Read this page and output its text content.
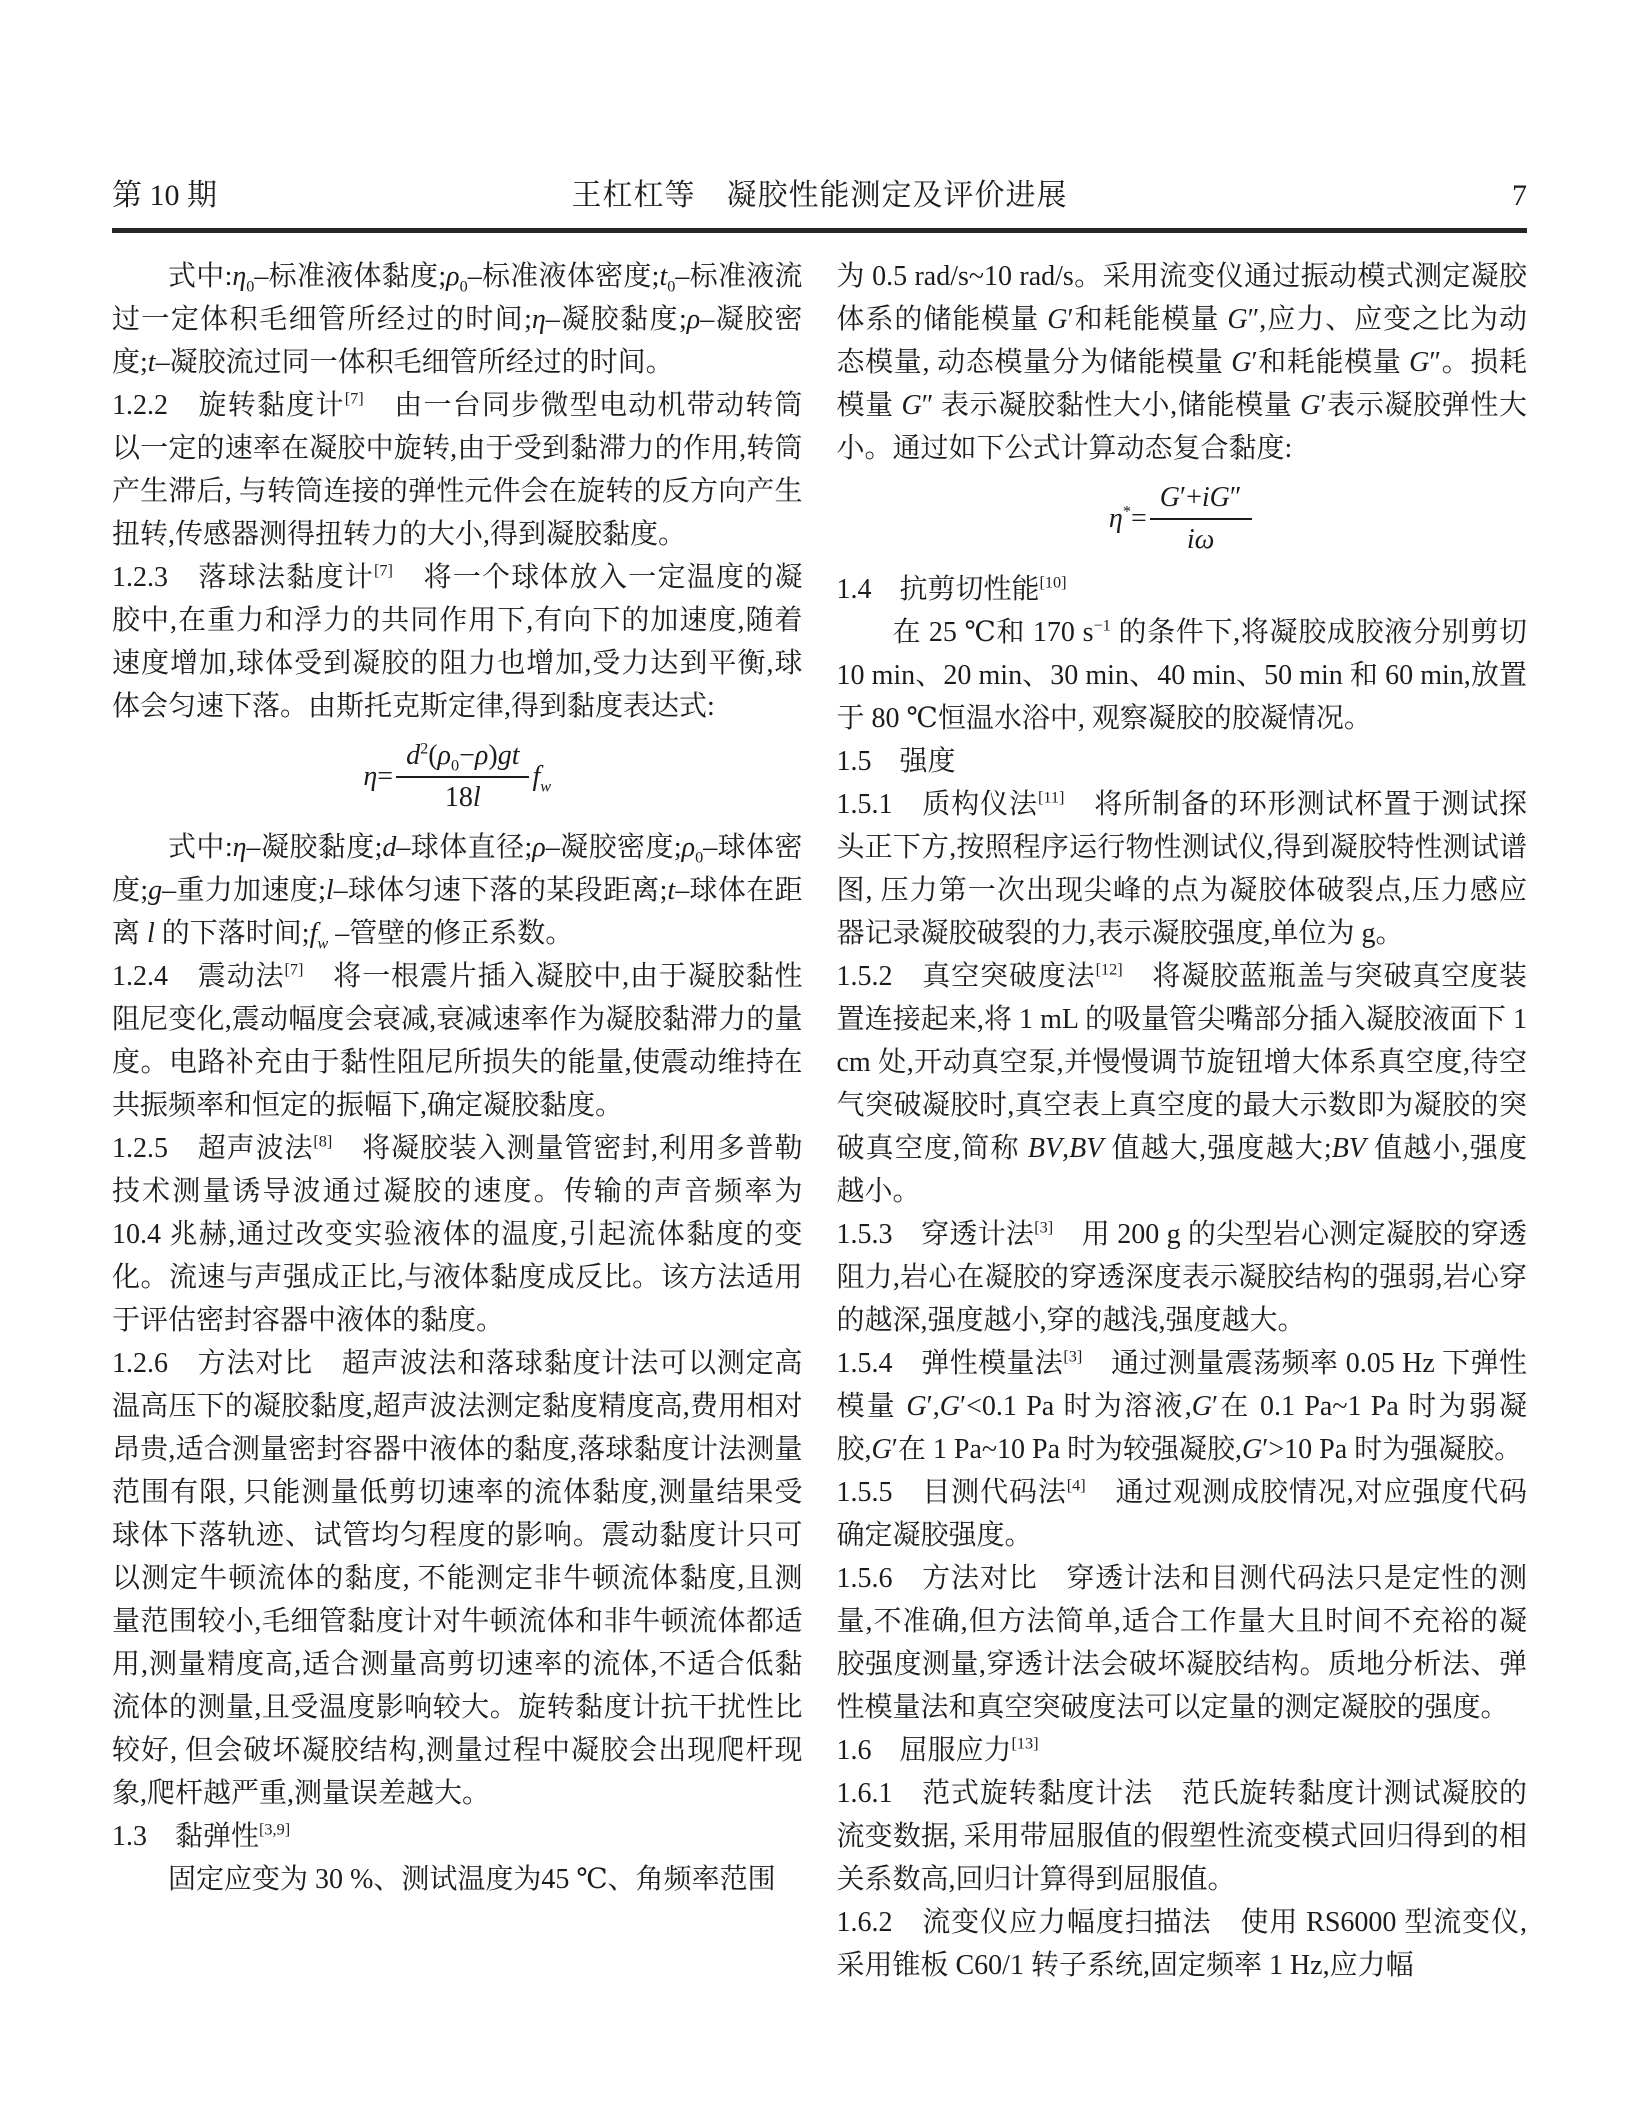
第 10 期	王杠杠等　凝胶性能测定及评价进展	7

式中$:\eta_0-$标准液体黏度$;\rho_0-$标准液体密度$;t_0-$标准液流过一定体积毛细管所经过的时间;η–凝胶黏度;ρ–凝胶密度;t–凝胶流过同一体积毛细管所经过的时间。

1.2.2　旋转黏度计[7]　由一台同步微型电动机带动转筒以一定的速率在凝胶中旋转,由于受到黏滞力的作用,转筒产生滞后, 与转筒连接的弹性元件会在旋转的反方向产生扭转,传感器测得扭转力的大小,得到凝胶黏度。

1.2.3　落球法黏度计[7]　将一个球体放入一定温度的凝胶中,在重力和浮力的共同作用下,有向下的加速度,随着速度增加,球体受到凝胶的阻力也增加,受力达到平衡,球体会匀速下落。由斯托克斯定律,得到黏度表达式:

$\eta= \frac{d^2(\rho_0-\rho)gt}{18l} f_w$

式中:η–凝胶黏度;d–球体直径;ρ–凝胶密度$;\rho_0-$球体密度;g–重力加速度;l–球体匀速下落的某段距离;t–球体在距离 l 的下落时间$;f_w$ –管壁的修正系数。

1.2.4　震动法[7]　将一根震片插入凝胶中,由于凝胶黏性阻尼变化,震动幅度会衰减,衰减速率作为凝胶黏滞力的量度。电路补充由于黏性阻尼所损失的能量,使震动维持在共振频率和恒定的振幅下,确定凝胶黏度。

1.2.5　超声波法[8]　将凝胶装入测量管密封,利用多普勒技术测量诱导波通过凝胶的速度。传输的声音频率为 10.4 兆赫,通过改变实验液体的温度,引起流体黏度的变化。流速与声强成正比,与液体黏度成反比。该方法适用于评估密封容器中液体的黏度。

1.2.6　方法对比　超声波法和落球黏度计法可以测定高温高压下的凝胶黏度,超声波法测定黏度精度高,费用相对昂贵,适合测量密封容器中液体的黏度,落球黏度计法测量范围有限, 只能测量低剪切速率的流体黏度,测量结果受球体下落轨迹、试管均匀程度的影响。震动黏度计只可以测定牛顿流体的黏度, 不能测定非牛顿流体黏度,且测量范围较小,毛细管黏度计对牛顿流体和非牛顿流体都适用,测量精度高,适合测量高剪切速率的流体,不适合低黏流体的测量,且受温度影响较大。旋转黏度计抗干扰性比较好, 但会破坏凝胶结构,测量过程中凝胶会出现爬杆现象,爬杆越严重,测量误差越大。

1.3　黏弹性[3,9]

固定应变为 30 %、测试温度为45 ℃、角频率范围

为 0.5 rad/s~10 rad/s。采用流变仪通过振动模式测定凝胶体系的储能模量 G′和耗能模量 G″,应力、应变之比为动态模量, 动态模量分为储能模量 G′和耗能模量 G″。损耗模量 G″ 表示凝胶黏性大小,储能模量 G′表示凝胶弹性大小。通过如下公式计算动态复合黏度:

$\eta^*= \frac{G'+iG''}{i\omega}$

1.4　抗剪切性能[10]

在 25 ℃和 170 $s^{-1}$ 的条件下,将凝胶成胶液分别剪切 10 min、20 min、30 min、40 min、50 min 和 60 min,放置于 80 ℃恒温水浴中, 观察凝胶的胶凝情况。

1.5　强度

1.5.1　质构仪法[11]　将所制备的环形测试杯置于测试探头正下方,按照程序运行物性测试仪,得到凝胶特性测试谱图, 压力第一次出现尖峰的点为凝胶体破裂点,压力感应器记录凝胶破裂的力,表示凝胶强度,单位为 g。

1.5.2　真空突破度法[12]　将凝胶蓝瓶盖与突破真空度装置连接起来,将 1 mL 的吸量管尖嘴部分插入凝胶液面下 1 cm 处,开动真空泵,并慢慢调节旋钮增大体系真空度,待空气突破凝胶时,真空表上真空度的最大示数即为凝胶的突破真空度,简称 BV,BV 值越大,强度越大;BV 值越小,强度越小。

1.5.3　穿透计法[3]　用 200 g 的尖型岩心测定凝胶的穿透阻力,岩心在凝胶的穿透深度表示凝胶结构的强弱,岩心穿的越深,强度越小,穿的越浅,强度越大。

1.5.4　弹性模量法[3]　通过测量震荡频率 0.05 Hz 下弹性模量 G′,G′<0.1 Pa 时为溶液,G′在 0.1 Pa~1 Pa 时为弱凝胶,G′在 1 Pa~10 Pa 时为较强凝胶,G′>10 Pa 时为强凝胶。

1.5.5　目测代码法[4]　通过观测成胶情况,对应强度代码确定凝胶强度。

1.5.6　方法对比　穿透计法和目测代码法只是定性的测量,不准确,但方法简单,适合工作量大且时间不充裕的凝胶强度测量,穿透计法会破坏凝胶结构。质地分析法、弹性模量法和真空突破度法可以定量的测定凝胶的强度。

1.6　屈服应力[13]

1.6.1　范式旋转黏度计法　范氏旋转黏度计测试凝胶的流变数据, 采用带屈服值的假塑性流变模式回归得到的相关系数高,回归计算得到屈服值。

1.6.2　流变仪应力幅度扫描法　使用 RS6000 型流变仪,采用锥板 C60/1 转子系统,固定频率 1 Hz,应力幅
